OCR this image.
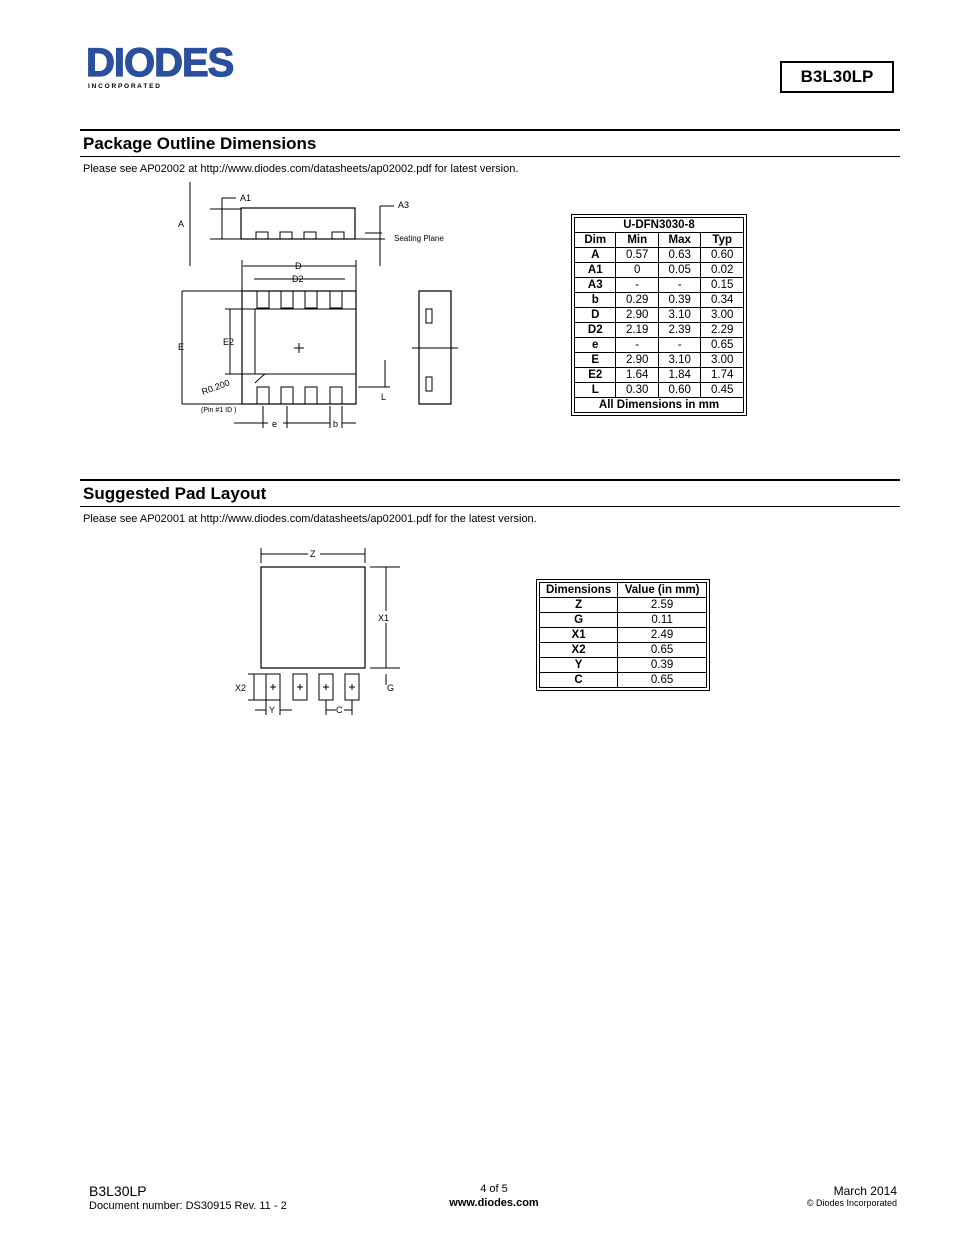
DIODES
I N C O R P O R A T E D
B3L30LP
Package Outline Dimensions
Please see AP02002 at http://www.diodes.com/datasheets/ap02002.pdf for latest version.
A1
A3
A
Seating Plane
D
D2
E	E2
R0.200
(Pin #1 ID )
L
e	b
U-DFN3030-8			
Dim	Min	Max	Typ
A	0.57	0.63	0.60
A1	0	0.05	0.02
A3	-	-	0.15
b	0.29	0.39	0.34
D	2.90	3.10	3.00
D2	2.19	2.39	2.29
e	-	-	0.65
E	2.90	3.10	3.00
E2	1.64	1.84	1.74
L	0.30	0.60	0.45
All Dimensions in mm			
Suggested Pad Layout
Please see AP02001 at http://www.diodes.com/datasheets/ap02001.pdf for the latest version.
Z
X1
G
X2
Y	C
Dimensions	Value (in mm)
Z	2.59
G	0.11
X1	2.49
X2	0.65
Y	0.39
C	0.65
B3L30LP
Document number: DS30915 Rev. 11 - 2
4 of 5
www.diodes.com
March 2014
© Diodes Incorporated
